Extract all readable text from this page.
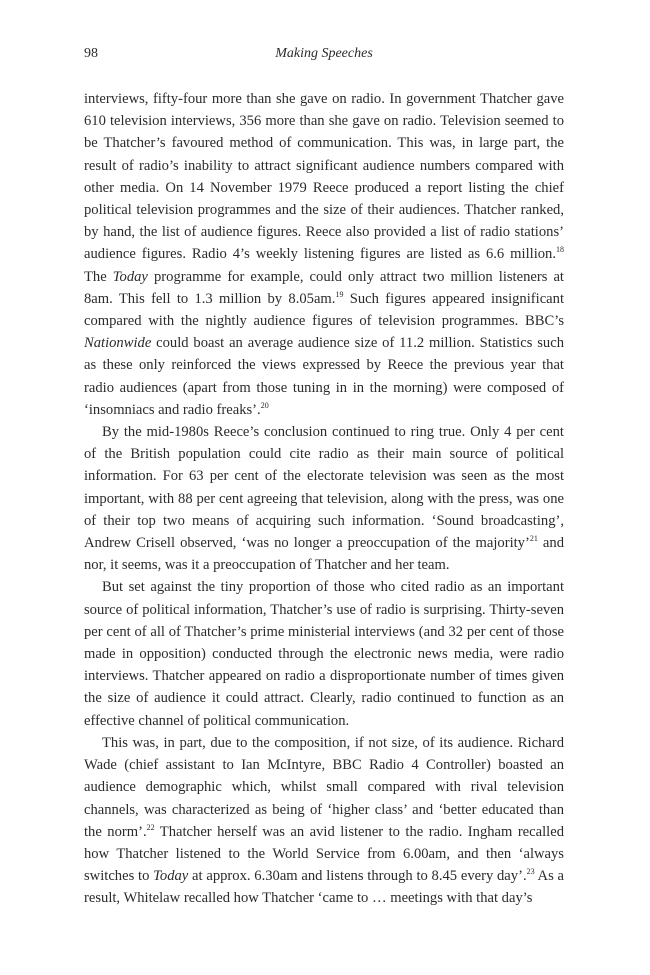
98	Making Speeches

interviews, fifty-four more than she gave on radio. In government Thatcher gave 610 television interviews, 356 more than she gave on radio. Television seemed to be Thatcher’s favoured method of communication. This was, in large part, the result of radio’s inability to attract significant audience numbers compared with other media. On 14 November 1979 Reece produced a report listing the chief political television programmes and the size of their audiences. Thatcher ranked, by hand, the list of audience figures. Reece also provided a list of radio stations’ audience figures. Radio 4’s weekly listening figures are listed as 6.6 million.$^{18}$ The Today programme for example, could only attract two million listeners at 8am. This fell to 1.3 million by 8.05am.$^{19}$ Such figures appeared insignificant compared with the nightly audience figures of television programmes. BBC’s Nationwide could boast an average audience size of 11.2 million. Statistics such as these only reinforced the views expressed by Reece the previous year that radio audiences (apart from those tuning in in the morning) were composed of ‘insomniacs and radio freaks’.$^{20}$

By the mid-1980s Reece’s conclusion continued to ring true. Only 4 per cent of the British population could cite radio as their main source of political information. For 63 per cent of the electorate television was seen as the most important, with 88 per cent agreeing that television, along with the press, was one of their top two means of acquiring such information. ‘Sound broadcasting’, Andrew Crisell observed, ‘was no longer a preoccupation of the majority’$^{21}$ and nor, it seems, was it a preoccupation of Thatcher and her team.

But set against the tiny proportion of those who cited radio as an important source of political information, Thatcher’s use of radio is surprising. Thirty-seven per cent of all of Thatcher’s prime ministerial interviews (and 32 per cent of those made in opposition) conducted through the electronic news media, were radio interviews. Thatcher appeared on radio a disproportionate number of times given the size of audience it could attract. Clearly, radio continued to function as an effective channel of political communication.

This was, in part, due to the composition, if not size, of its audience. Richard Wade (chief assistant to Ian McIntyre, BBC Radio 4 Controller) boasted an audience demographic which, whilst small compared with rival television channels, was characterized as being of ‘higher class’ and ‘better educated than the norm’.$^{22}$ Thatcher herself was an avid listener to the radio. Ingham recalled how Thatcher listened to the World Service from 6.00am, and then ‘always switches to Today at approx. 6.30am and listens through to 8.45 every day’.$^{23}$ As a result, Whitelaw recalled how Thatcher ‘came to … meetings with that day’s
